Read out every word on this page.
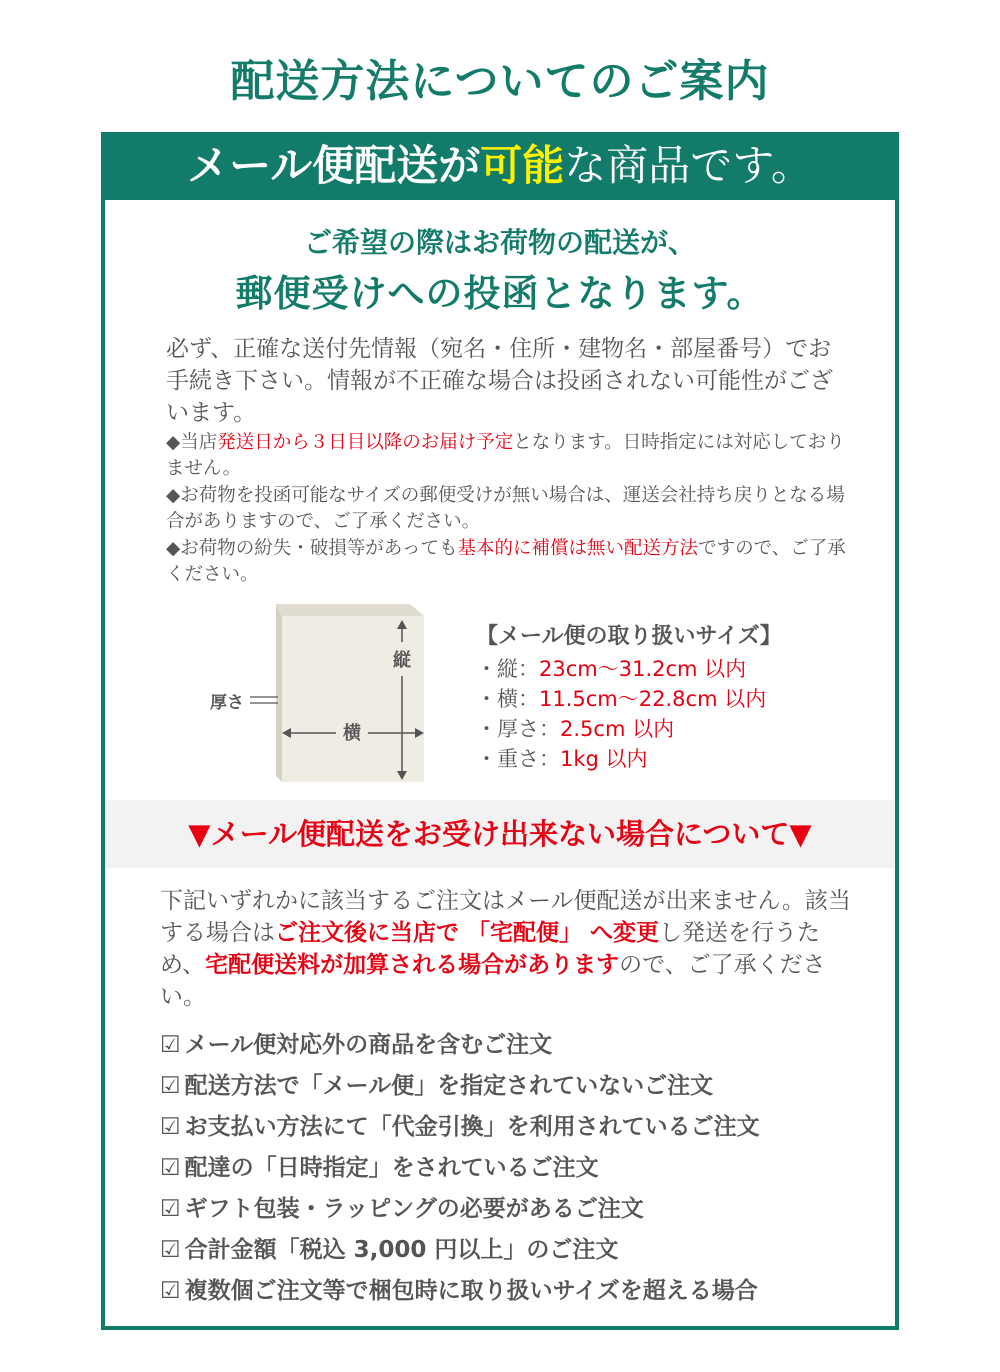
配送方法についてのご案内
メール便配送が可能な商品です。
ご希望の際はお荷物の配送が、
郵便受けへの投函となります。

必ず、正確な送付先情報（宛名・住所・建物名・部屋番号）でお手続き下さい。情報が不正確な場合は投函されない可能性がございます。

◆当店発送日から３日目以降のお届け予定となります。日時指定には対応しておりません。
◆お荷物を投函可能なサイズの郵便受けが無い場合は、運送会社持ち戻りとなる場合がありますので、ご了承ください。
◆お荷物の紛失・破損等があっても基本的に補償は無い配送方法ですので、ご了承ください。
縦
横
厚さ
【メール便の取り扱いサイズ】
・縦：23cm～31.2cm 以内
・横：11.5cm～22.8cm 以内
・厚さ：2.5cm 以内
・重さ：1kg 以内
▼メール便配送をお受け出来ない場合について▼

下記いずれかに該当するご注文はメール便配送が出来ません。該当する場合はご注文後に当店で 「宅配便」 へ変更し発送を行うため、宅配便送料が加算される場合がありますので、ご了承ください。

☑ メール便対応外の商品を含むご注文
☑ 配送方法で「メール便」を指定されていないご注文
☑ お支払い方法にて「代金引換」を利用されているご注文
☑ 配達の「日時指定」をされているご注文
☑ ギフト包装・ラッピングの必要があるご注文
☑ 合計金額「税込 3,000 円以上」のご注文
☑ 複数個ご注文等で梱包時に取り扱いサイズを超える場合
